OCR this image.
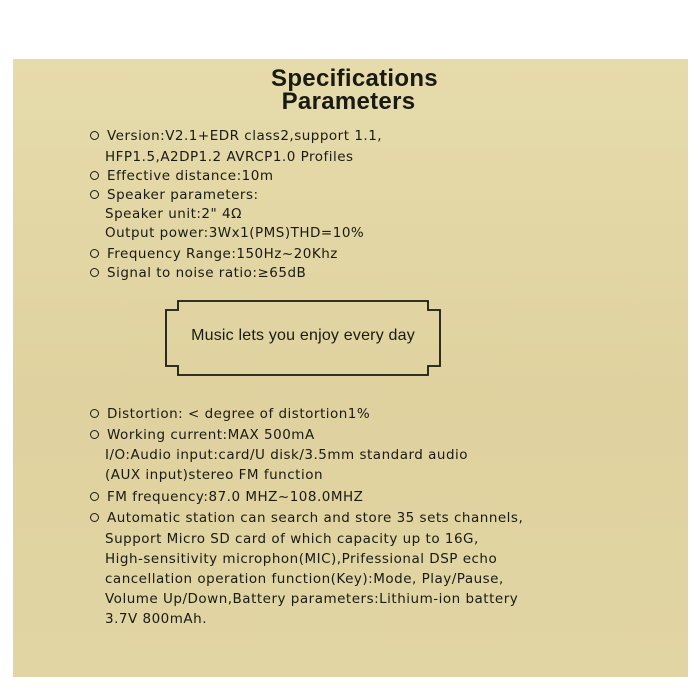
Specifications
Parameters
Version:V2.1+EDR class2,support 1.1,
HFP1.5,A2DP1.2 AVRCP1.0 Profiles
Effective distance:10m
Speaker parameters:
Speaker unit:2" 4Ω
Output power:3Wx1(PMS)THD=10%
Frequency Range:150Hz~20Khz
Signal to noise ratio:≥65dB
Music lets you enjoy every day
Distortion: < degree of distortion1%
Working current:MAX 500mA
I/O:Audio input:card/U disk/3.5mm standard audio
(AUX input)stereo FM function
FM frequency:87.0 MHZ~108.0MHZ
Automatic station can search and store 35 sets channels,
Support Micro SD card of which capacity up to 16G,
High-sensitivity microphon(MIC),Prifessional DSP echo
cancellation operation function(Key):Mode, Play/Pause,
Volume Up/Down,Battery parameters:Lithium-ion battery
3.7V 800mAh.
